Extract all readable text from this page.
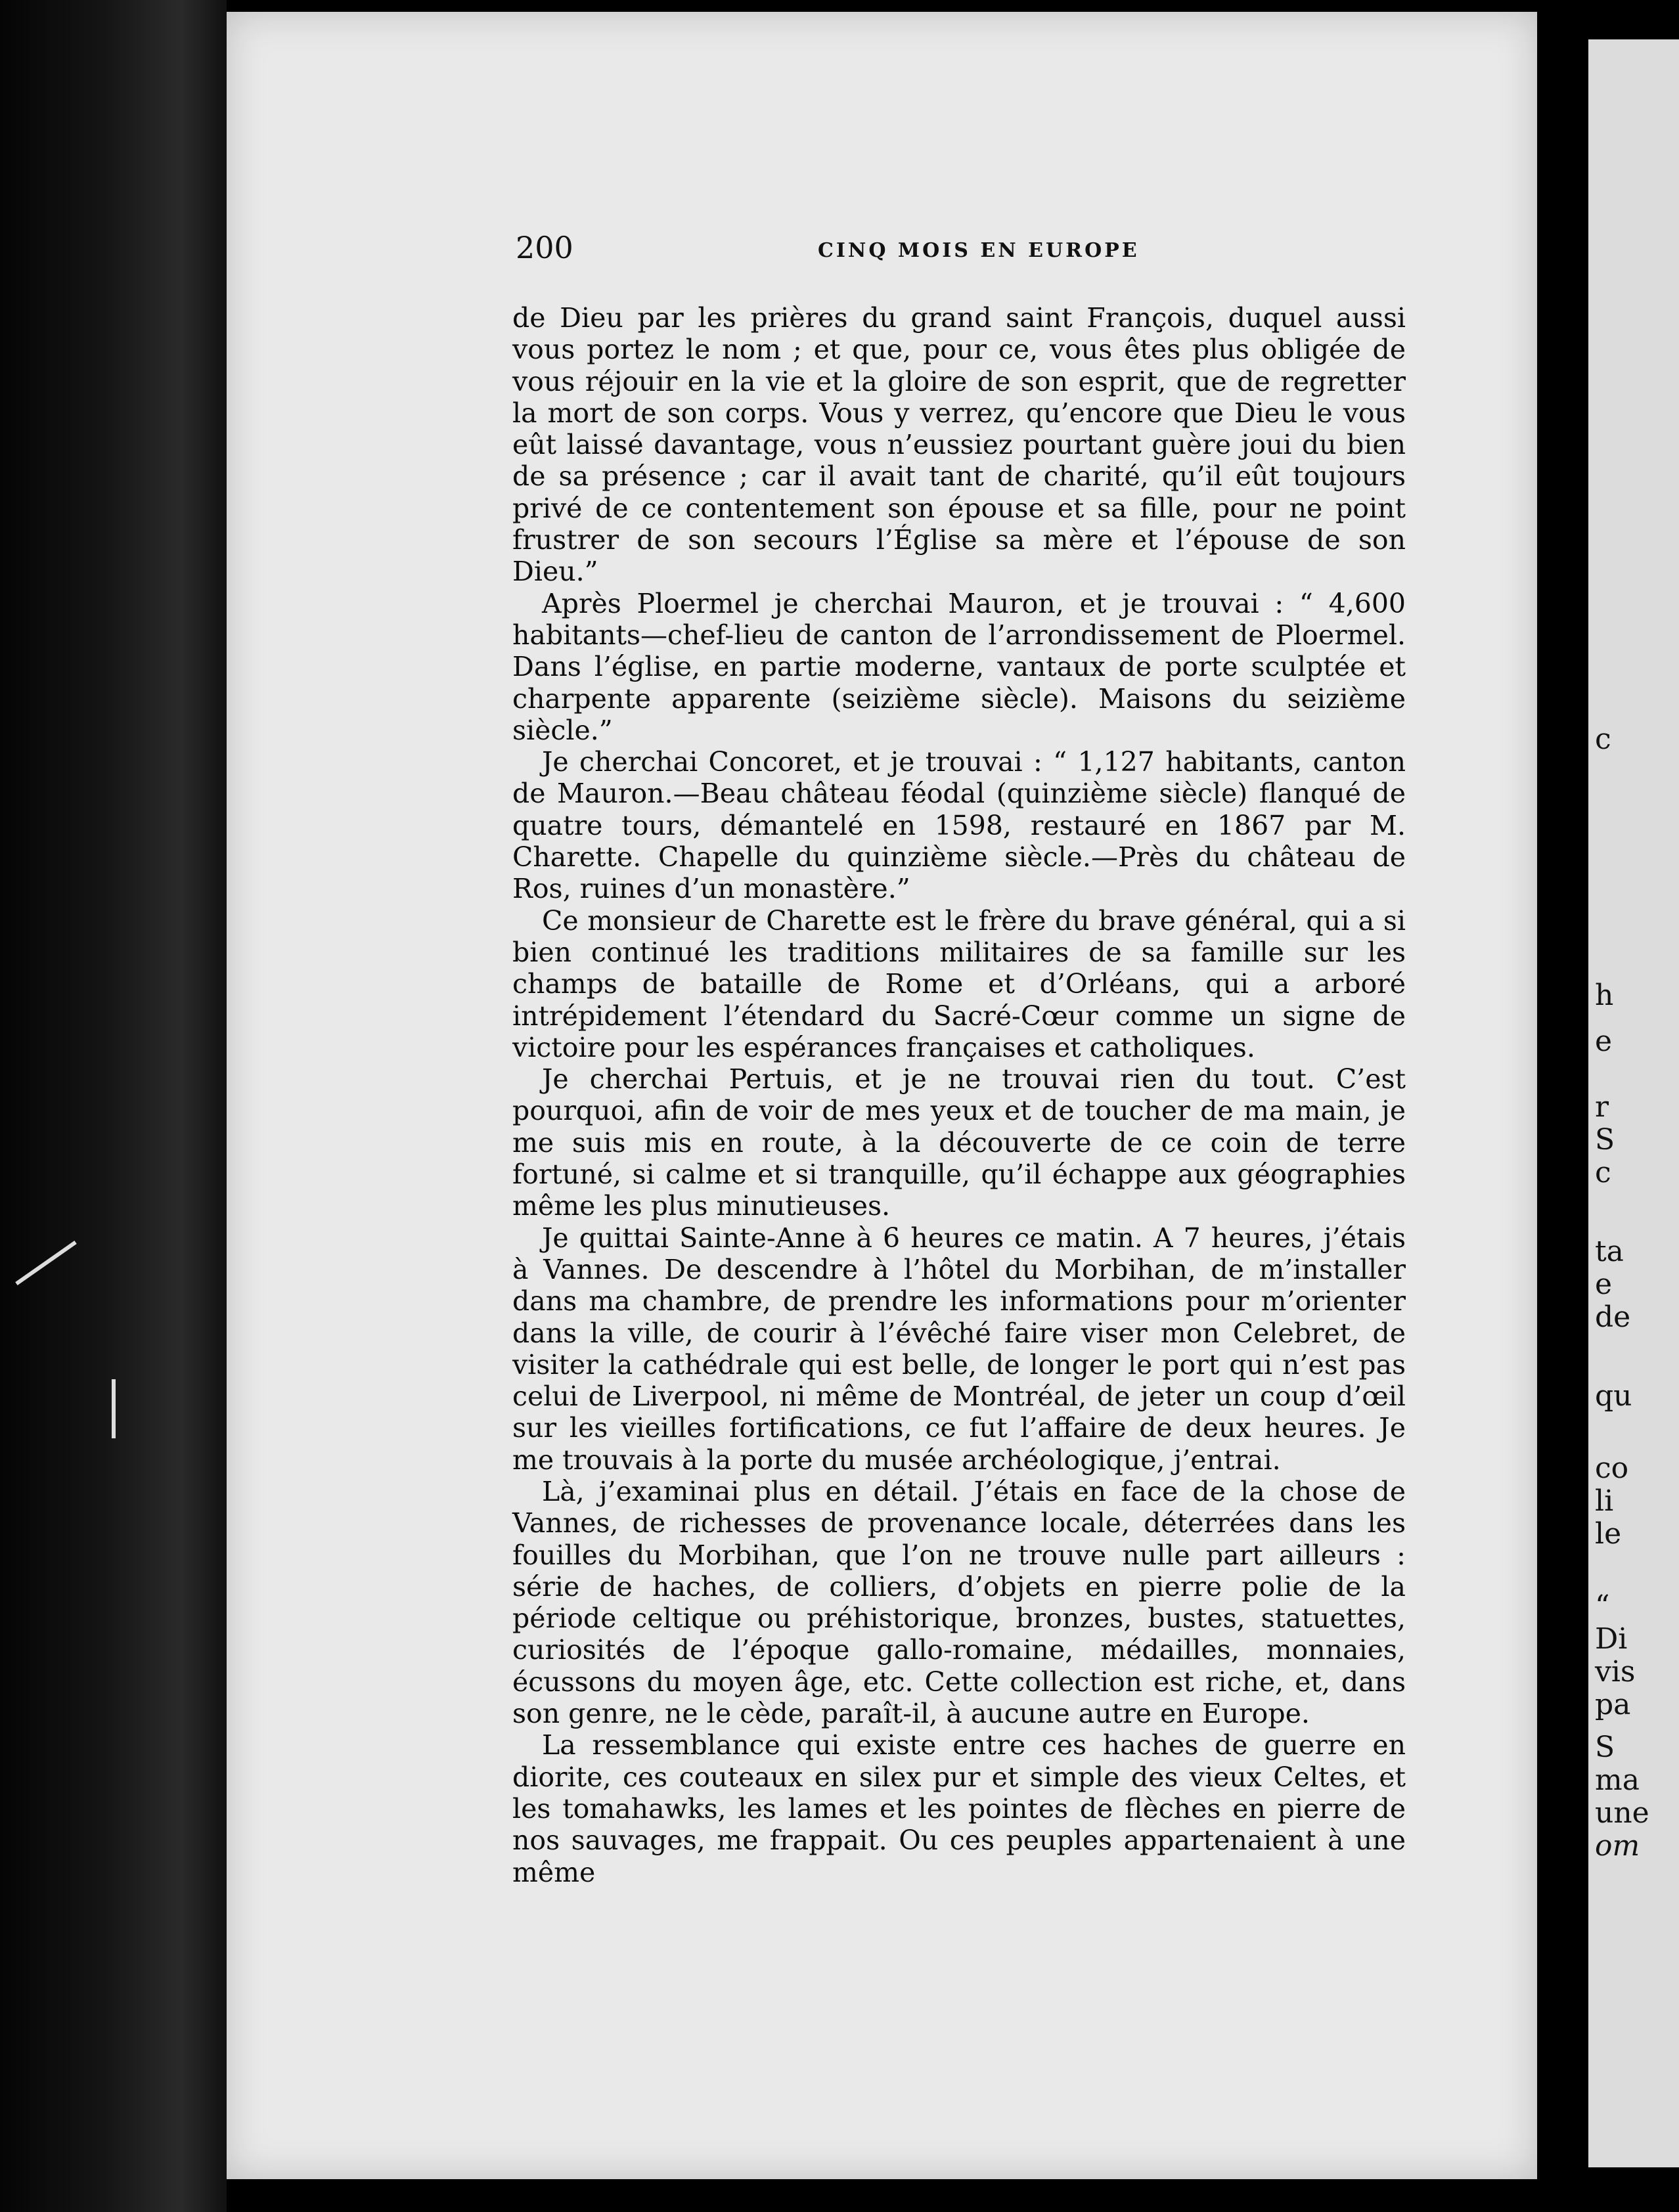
200	CINQ MOIS EN EUROPE

de Dieu par les prières du grand saint François, duquel aussi vous portez le nom ; et que, pour ce, vous êtes plus obligée de vous réjouir en la vie et la gloire de son esprit, que de regretter la mort de son corps. Vous y verrez, qu’encore que Dieu le vous eût laissé davantage, vous n’eussiez pourtant guère joui du bien de sa présence ; car il avait tant de charité, qu’il eût toujours privé de ce contentement son épouse et sa fille, pour ne point frustrer de son secours l’Église sa mère et l’épouse de son Dieu.”

Après Ploermel je cherchai Mauron, et je trouvai : “ 4,600 habitants—chef-lieu de canton de l’arrondissement de Ploermel. Dans l’église, en partie moderne, vantaux de porte sculptée et charpente apparente (seizième siècle). Maisons du seizième siècle.”

Je cherchai Concoret, et je trouvai : “ 1,127 habitants, canton de Mauron.—Beau château féodal (quinzième siècle) flanqué de quatre tours, démantelé en 1598, restauré en 1867 par M. Charette. Chapelle du quinzième siècle.—Près du château de Ros, ruines d’un monastère.”

Ce monsieur de Charette est le frère du brave général, qui a si bien continué les traditions militaires de sa famille sur les champs de bataille de Rome et d’Orléans, qui a arboré intrépidement l’étendard du Sacré-Cœur comme un signe de victoire pour les espérances françaises et catholiques.

Je cherchai Pertuis, et je ne trouvai rien du tout. C’est pourquoi, afin de voir de mes yeux et de toucher de ma main, je me suis mis en route, à la découverte de ce coin de terre fortuné, si calme et si tranquille, qu’il échappe aux géographies même les plus minutieuses.

Je quittai Sainte-Anne à 6 heures ce matin. A 7 heures, j’étais à Vannes. De descendre à l’hôtel du Morbihan, de m’installer dans ma chambre, de prendre les informations pour m’orienter dans la ville, de courir à l’évêché faire viser mon Celebret, de visiter la cathédrale qui est belle, de longer le port qui n’est pas celui de Liverpool, ni même de Montréal, de jeter un coup d’œil sur les vieilles fortifications, ce fut l’affaire de deux heures. Je me trouvais à la porte du musée archéologique, j’entrai.

Là, j’examinai plus en détail. J’étais en face de la chose de Vannes, de richesses de provenance locale, déterrées dans les fouilles du Morbihan, que l’on ne trouve nulle part ailleurs : série de haches, de colliers, d’objets en pierre polie de la période celtique ou préhistorique, bronzes, bustes, statuettes, curiosités de l’époque gallo-romaine, médailles, monnaies, écussons du moyen âge, etc. Cette collection est riche, et, dans son genre, ne le cède, paraît-il, à aucune autre en Europe.

La ressemblance qui existe entre ces haches de guerre en diorite, ces couteaux en silex pur et simple des vieux Celtes, et les tomahawks, les lames et les pointes de flèches en pierre de nos sauvages, me frappait. Ou ces peuples appartenaient à une même

c
h
e
r
S
c
ta
e
de
qu
co
li
le
“
Di
vis
pa
S
ma
une
om
